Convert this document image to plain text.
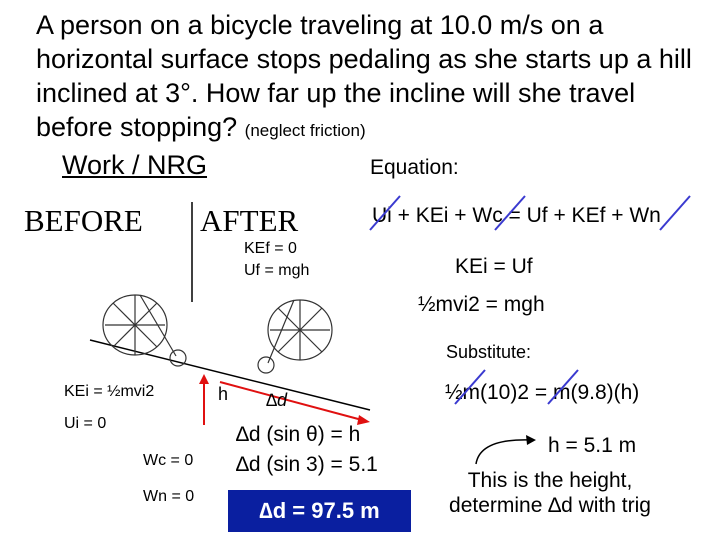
A person on a bicycle traveling at 10.0 m/s on a horizontal surface stops pedaling as she starts up a hill inclined at 3°. How far up the incline will she travel before stopping? (neglect friction)
Work / NRG	Equation:
BEFORE AFTER
KEf = 0
Uf = mgh
Ui + KEi + Wc = Uf + KEf + Wn
KEi = Uf
½mvi2 = mgh
Substitute:
½m(10)2 = m(9.8)(h)
h = 5.1 m
This is the height, determine ∆d with trig
KEi = ½mvi2
Ui = 0
Wc = 0
Wn = 0
h ∆d
∆d (sin θ) = h
∆d (sin 3) = 5.1
∆d = 97.5 m
